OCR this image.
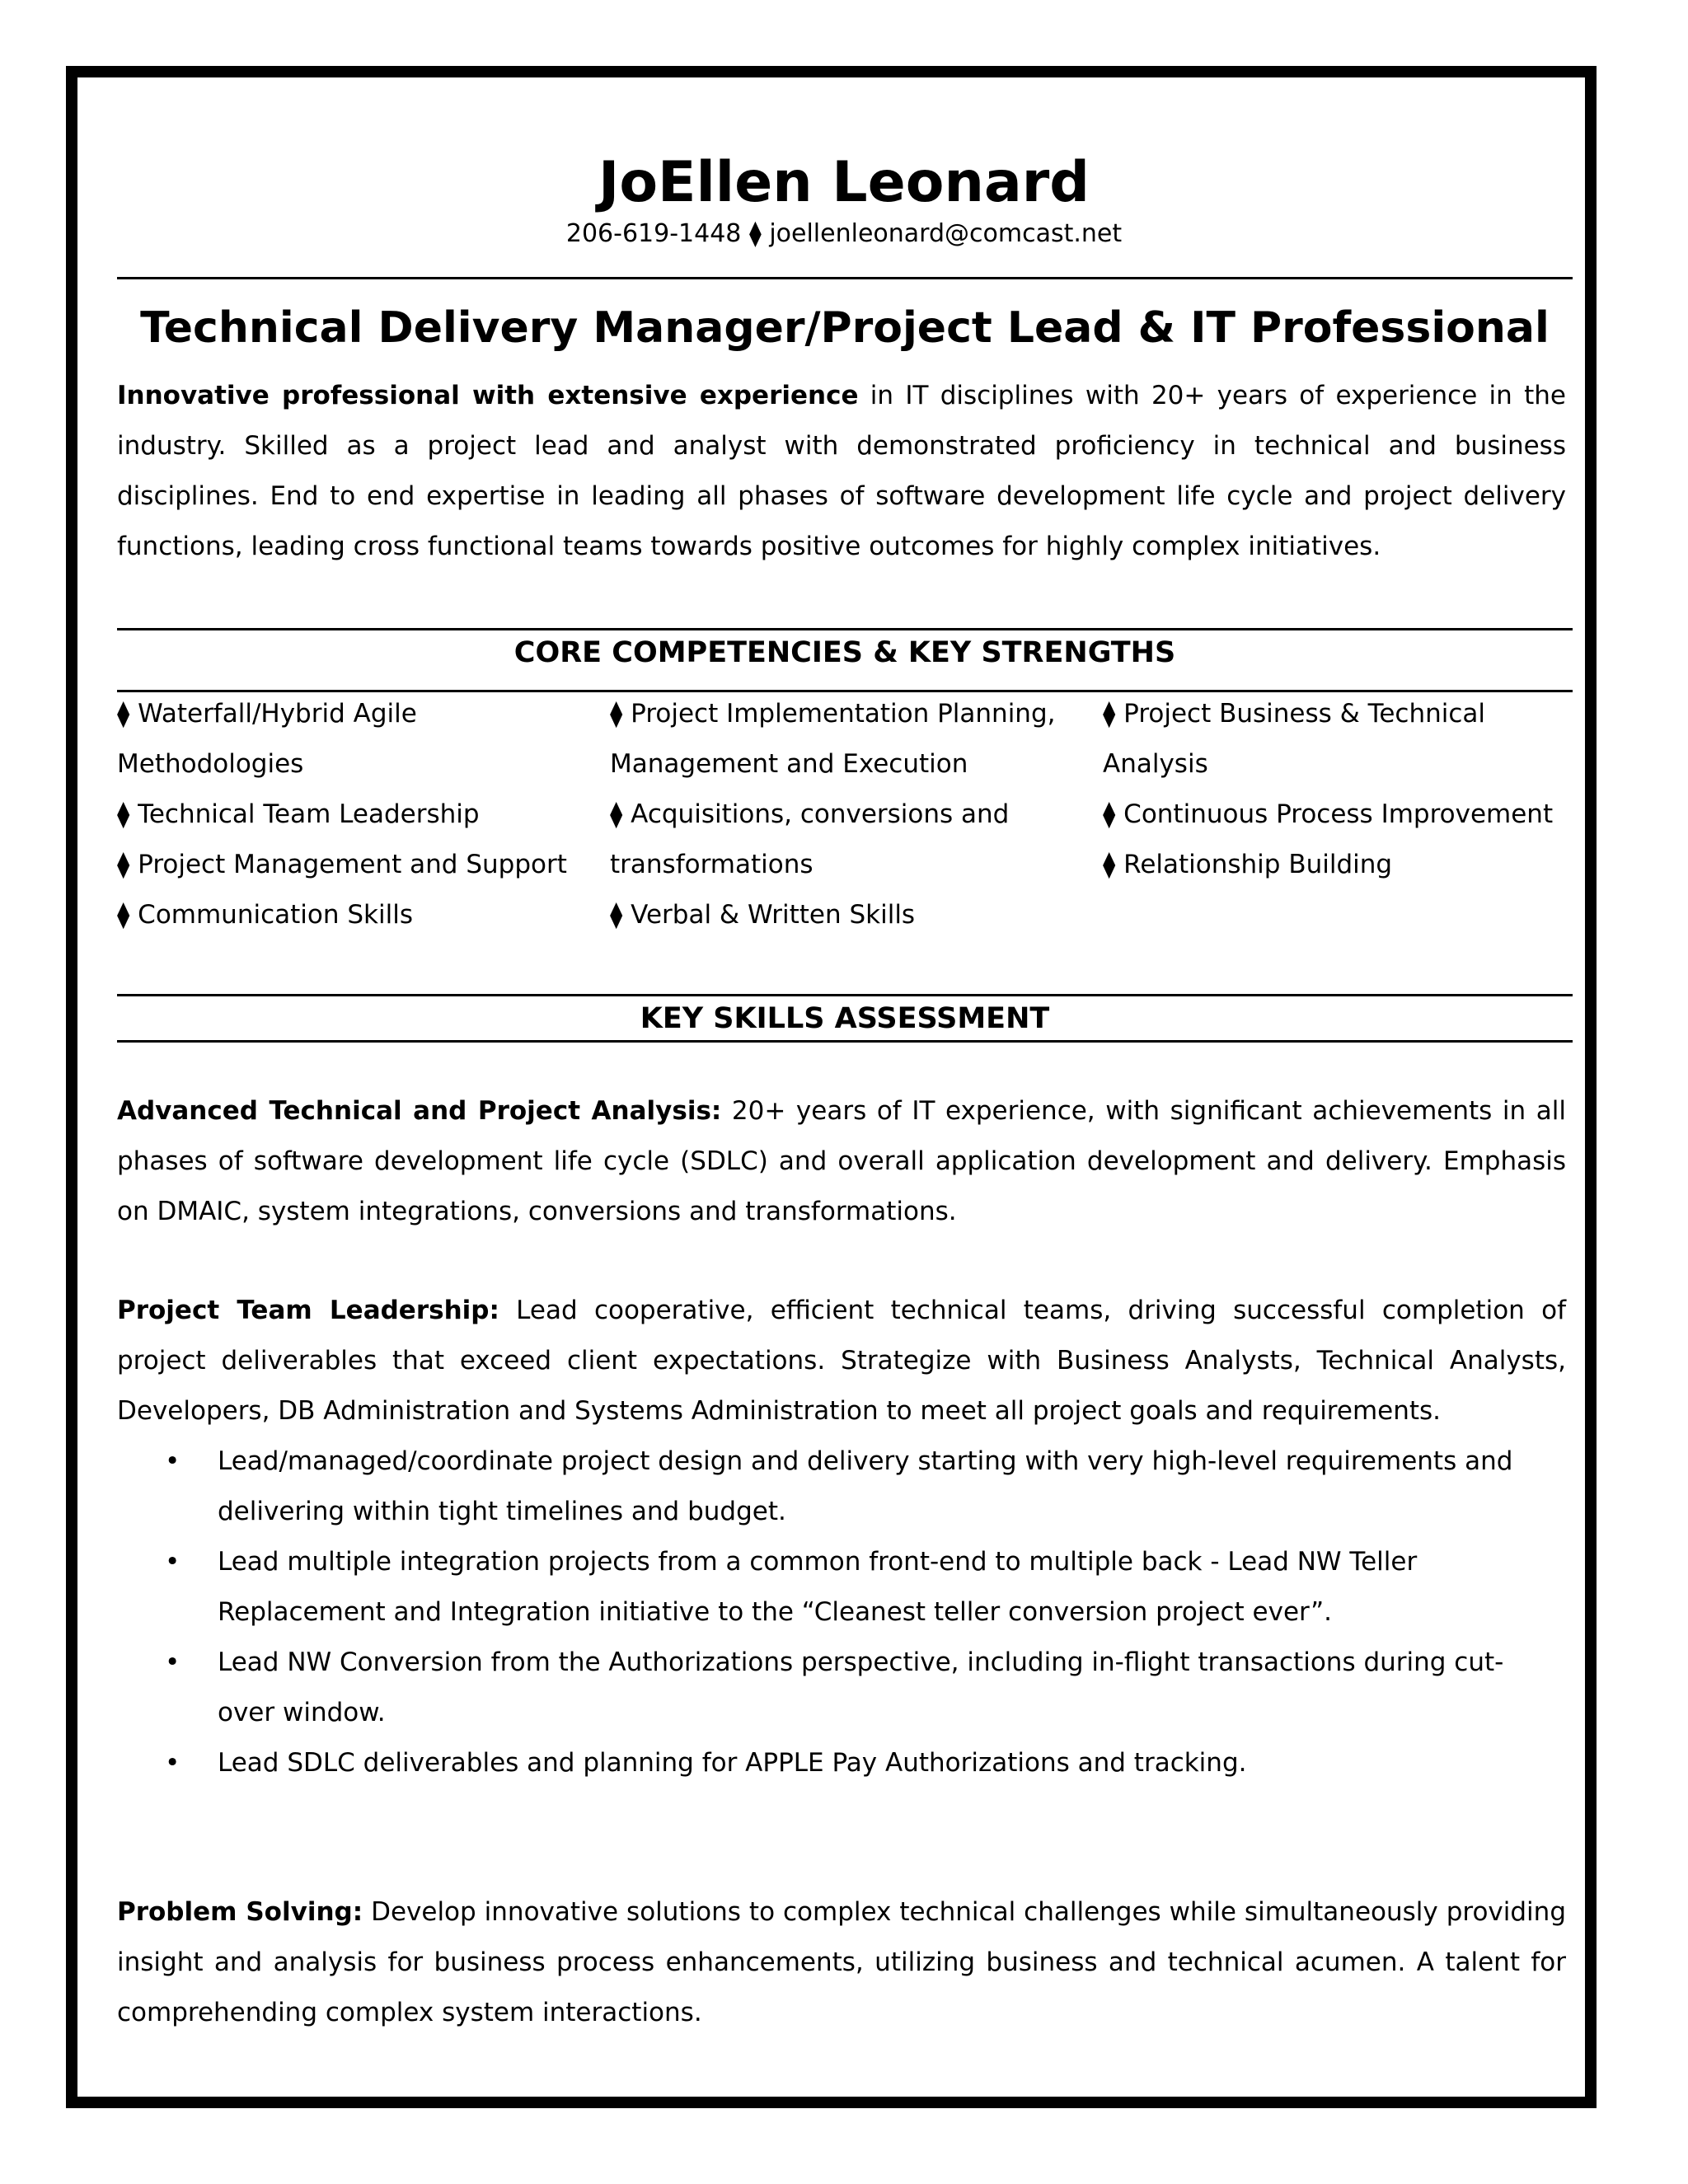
JoEllen Leonard
206-619-1448 ⧫ joellenleonard@comcast.net
Technical Delivery Manager/Project Lead & IT Professional

Innovative professional with extensive experience in IT disciplines with 20+ years of experience in the industry. Skilled as a project lead and analyst with demonstrated proficiency in technical and business disciplines. End to end expertise in leading all phases of software development life cycle and project delivery functions, leading cross functional teams towards positive outcomes for highly complex initiatives.

CORE COMPETENCIES & KEY STRENGTHS

⧫ Waterfall/Hybrid Agile Methodologies

⧫ Technical Team Leadership

⧫ Project Management and Support

⧫ Communication Skills

⧫ Project Implementation Planning, Management and Execution

⧫ Acquisitions, conversions and transformations

⧫ Verbal & Written Skills

⧫ Project Business & Technical Analysis

⧫ Continuous Process Improvement

⧫ Relationship Building

KEY SKILLS ASSESSMENT

Advanced Technical and Project Analysis: 20+ years of IT experience, with significant achievements in all phases of software development life cycle (SDLC) and overall application development and delivery. Emphasis on DMAIC, system integrations, conversions and transformations.

Project Team Leadership: Lead cooperative, efficient technical teams, driving successful completion of project deliverables that exceed client expectations. Strategize with Business Analysts, Technical Analysts, Developers, DB Administration and Systems Administration to meet all project goals and requirements.

• Lead/managed/coordinate project design and delivery starting with very high-level requirements and delivering within tight timelines and budget.
• Lead multiple integration projects from a common front-end to multiple back - Lead NW Teller Replacement and Integration initiative to the “Cleanest teller conversion project ever”.
• Lead NW Conversion from the Authorizations perspective, including in-flight transactions during cut-over window.
• Lead SDLC deliverables and planning for APPLE Pay Authorizations and tracking.

Problem Solving: Develop innovative solutions to complex technical challenges while simultaneously providing insight and analysis for business process enhancements, utilizing business and technical acumen. A talent for comprehending complex system interactions.
